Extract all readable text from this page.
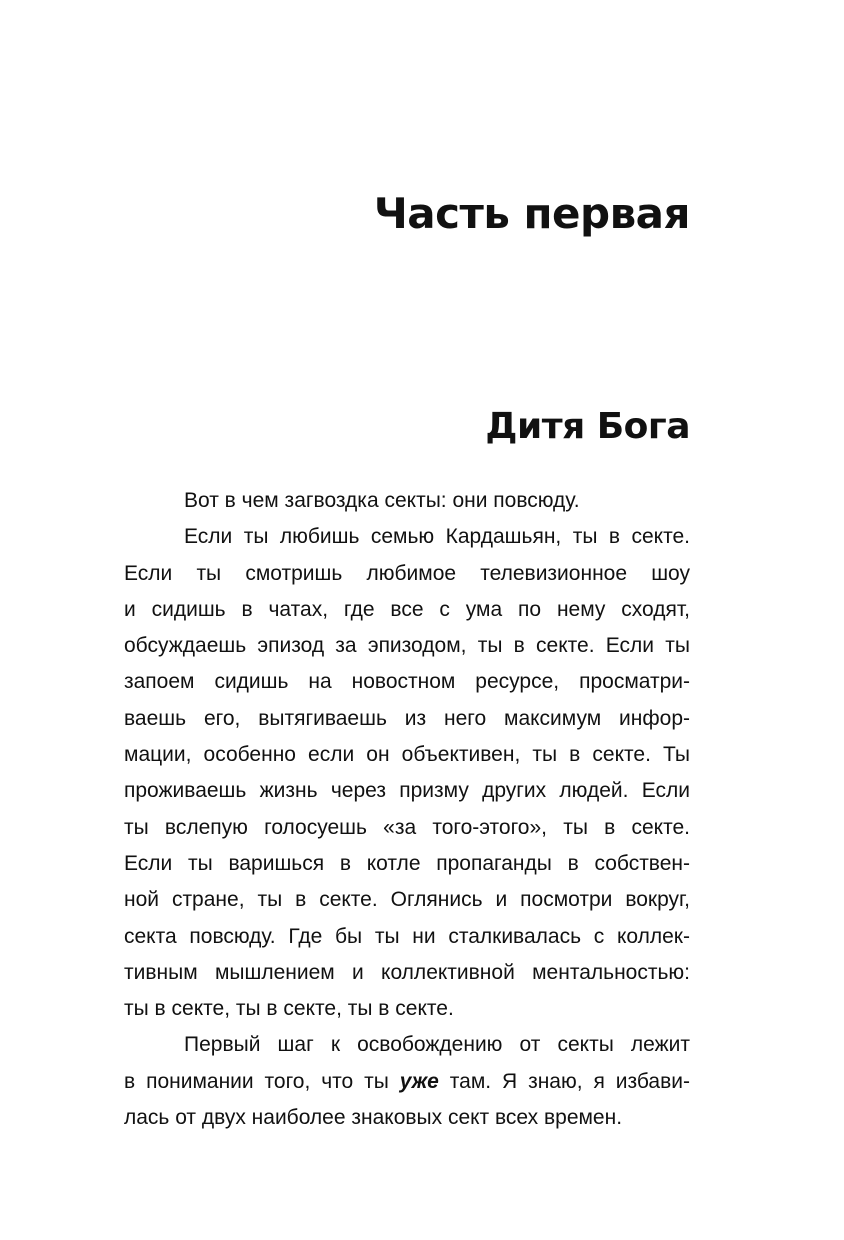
Часть первая
Дитя Бога
Вот в чем загвоздка секты: они повсюду.
Если ты любишь семью Кардашьян, ты в секте.
Если ты смотришь любимое телевизионное шоу
и сидишь в чатах, где все с ума по нему сходят,
обсуждаешь эпизод за эпизодом, ты в секте. Если ты
запоем сидишь на новостном ресурсе, просматри-
ваешь его, вытягиваешь из него максимум инфор-
мации, особенно если он объективен, ты в секте. Ты
проживаешь жизнь через призму других людей. Если
ты вслепую голосуешь «за того-этого», ты в секте.
Если ты варишься в котле пропаганды в собствен-
ной стране, ты в секте. Оглянись и посмотри вокруг,
секта повсюду. Где бы ты ни сталкивалась с коллек-
тивным мышлением и коллективной ментальностью:
ты в секте, ты в секте, ты в секте.
Первый шаг к освобождению от секты лежит
в понимании того, что ты уже там. Я знаю, я избави-
лась от двух наиболее знаковых сект всех времен.
